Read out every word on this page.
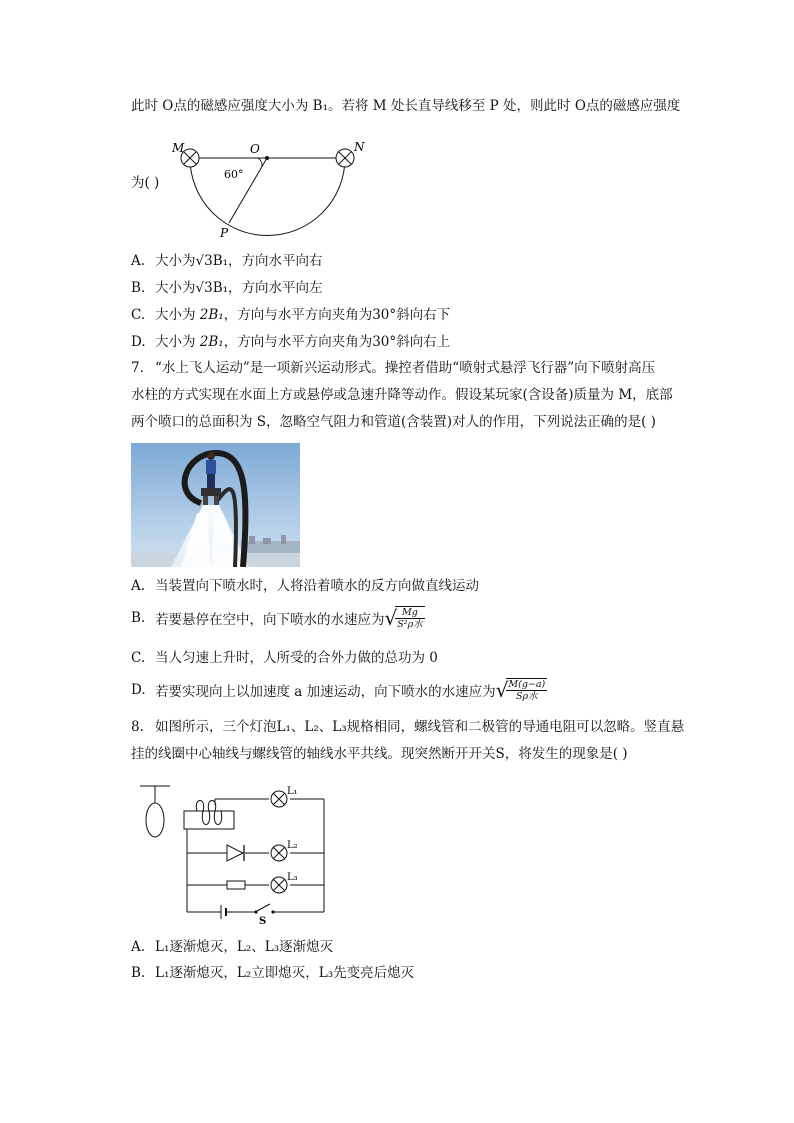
此时 O点的磁感应强度大小为 B₁。若将 M 处长直导线移至 P 处，则此时 O点的磁感应强度
M	O	N
P
60°
为( )
A. 大小为√3B₁，方向水平向右
B. 大小为√3B₁，方向水平向左
C. 大小为 2B₁，方向与水平方向夹角为30°斜向右下
D. 大小为 2B₁，方向与水平方向夹角为30°斜向右上
7. “水上飞人运动”是一项新兴运动形式。操控者借助“喷射式悬浮飞行器”向下喷射高压
水柱的方式实现在水面上方或悬停或急速升降等动作。假设某玩家(含设备)质量为 M，底部
两个喷口的总面积为 S，忽略空气阻力和管道(含装置)对人的作用，下列说法正确的是( )
A. 当装置向下喷水时，人将沿着喷水的反方向做直线运动
B. 若要悬停在空中，向下喷水的水速应为 √
$\frac{Mg}{\text{S²ρ水}}$
C. 当人匀速上升时，人所受的合外力做的总功为 0
D. 若要实现向上以加速度 a 加速运动，向下喷水的水速应为 √
$\frac{M(g-a)}{\text{Sρ水}}$
8. 如图所示，三个灯泡L₁、L₂、L₃规格相同，螺线管和二极管的导通电阻可以忽略。竖直悬
挂的线圈中心轴线与螺线管的轴线水平共线。现突然断开开关S，将发生的现象是( )
L₁
L₂
L₃
S
A. L₁逐渐熄灭，L₂、L₃逐渐熄灭
B. L₁逐渐熄灭，L₂立即熄灭，L₃先变亮后熄灭
